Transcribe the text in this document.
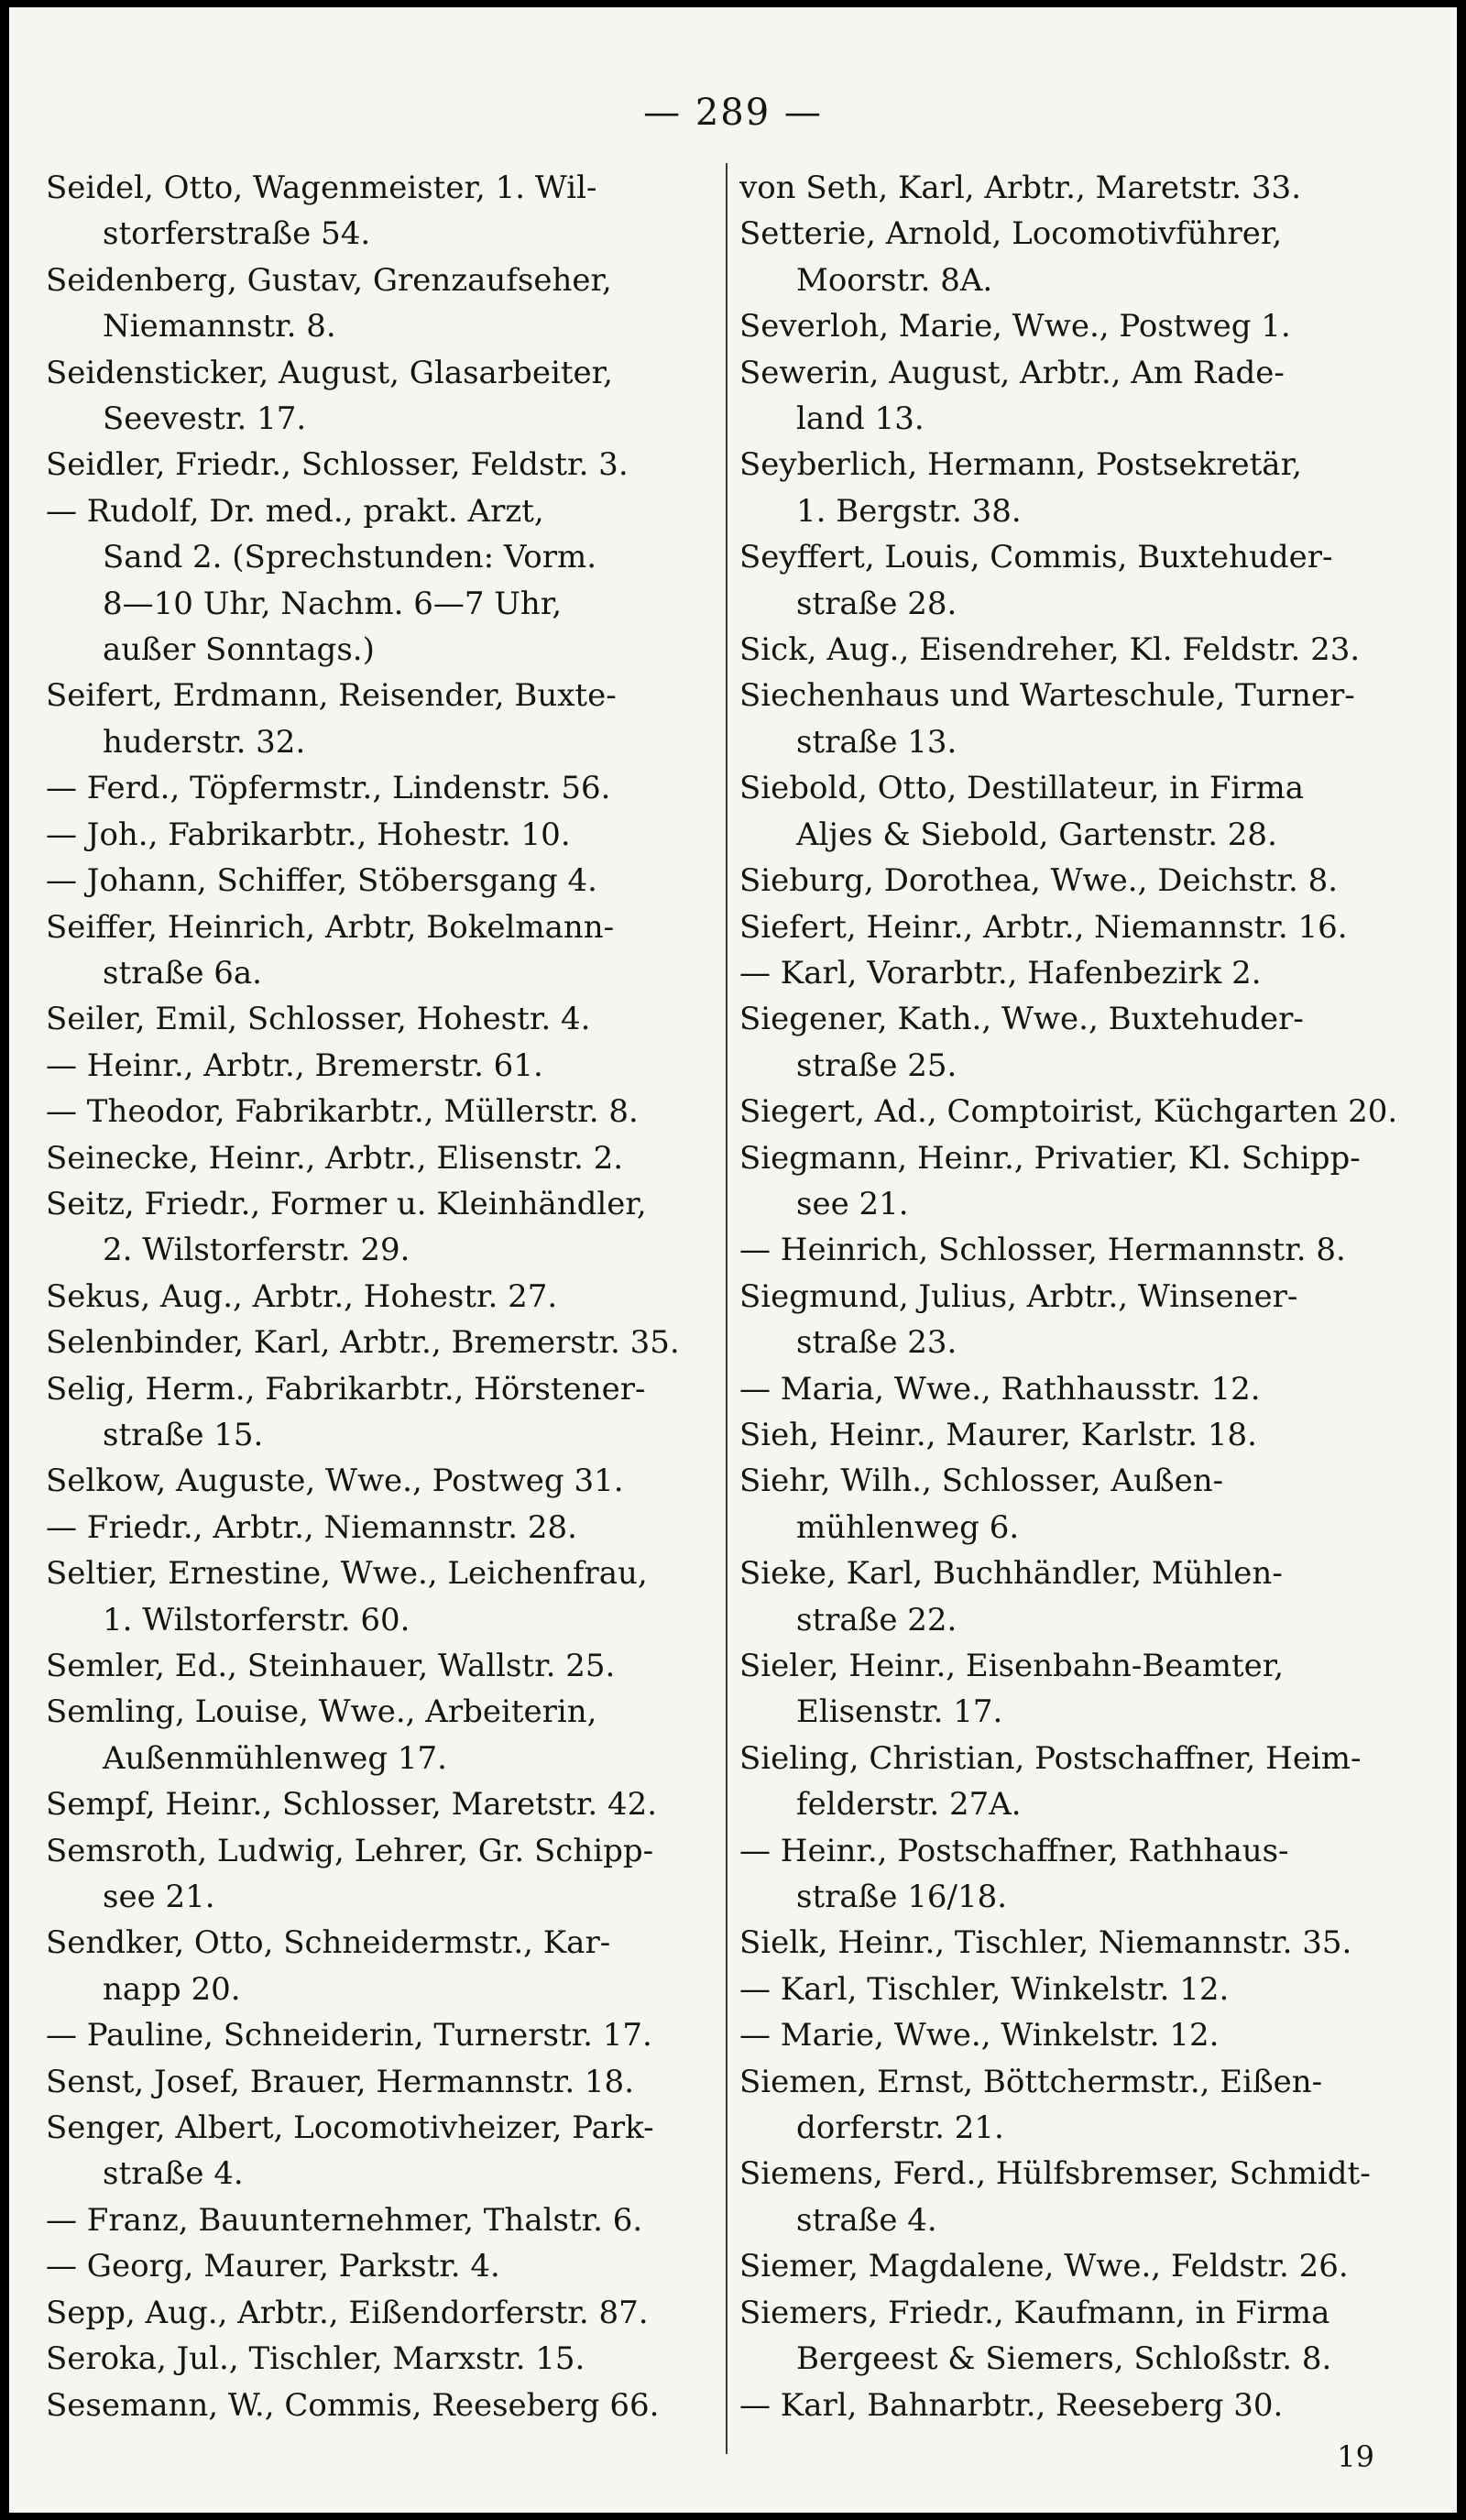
— 289 —
Seidel, Otto, Wagenmeister, 1. Wil-
storferstraße 54.
Seidenberg, Gustav, Grenzaufseher,
Niemannstr. 8.
Seidensticker, August, Glasarbeiter,
Seevestr. 17.
Seidler, Friedr., Schlosser, Feldstr. 3.
— Rudolf, Dr. med., prakt. Arzt,
Sand 2. (Sprechstunden: Vorm.
8—10 Uhr, Nachm. 6—7 Uhr,
außer Sonntags.)
Seifert, Erdmann, Reisender, Buxte-
huderstr. 32.
— Ferd., Töpfermstr., Lindenstr. 56.
— Joh., Fabrikarbtr., Hohestr. 10.
— Johann, Schiffer, Stöbersgang 4.
Seiffer, Heinrich, Arbtr, Bokelmann-
straße 6a.
Seiler, Emil, Schlosser, Hohestr. 4.
— Heinr., Arbtr., Bremerstr. 61.
— Theodor, Fabrikarbtr., Müllerstr. 8.
Seinecke, Heinr., Arbtr., Elisenstr. 2.
Seitz, Friedr., Former u. Kleinhändler,
2. Wilstorferstr. 29.
Sekus, Aug., Arbtr., Hohestr. 27.
Selenbinder, Karl, Arbtr., Bremerstr. 35.
Selig, Herm., Fabrikarbtr., Hörstener-
straße 15.
Selkow, Auguste, Wwe., Postweg 31.
— Friedr., Arbtr., Niemannstr. 28.
Seltier, Ernestine, Wwe., Leichenfrau,
1. Wilstorferstr. 60.
Semler, Ed., Steinhauer, Wallstr. 25.
Semling, Louise, Wwe., Arbeiterin,
Außenmühlenweg 17.
Sempf, Heinr., Schlosser, Maretstr. 42.
Semsroth, Ludwig, Lehrer, Gr. Schipp-
see 21.
Sendker, Otto, Schneidermstr., Kar-
napp 20.
— Pauline, Schneiderin, Turnerstr. 17.
Senst, Josef, Brauer, Hermannstr. 18.
Senger, Albert, Locomotivheizer, Park-
straße 4.
— Franz, Bauunternehmer, Thalstr. 6.
— Georg, Maurer, Parkstr. 4.
Sepp, Aug., Arbtr., Eißendorferstr. 87.
Seroka, Jul., Tischler, Marxstr. 15.
Sesemann, W., Commis, Reeseberg 66.
von Seth, Karl, Arbtr., Maretstr. 33.
Setterie, Arnold, Locomotivführer,
Moorstr. 8A.
Severloh, Marie, Wwe., Postweg 1.
Sewerin, August, Arbtr., Am Rade-
land 13.
Seyberlich, Hermann, Postsekretär,
1. Bergstr. 38.
Seyffert, Louis, Commis, Buxtehuder-
straße 28.
Sick, Aug., Eisendreher, Kl. Feldstr. 23.
Siechenhaus und Warteschule, Turner-
straße 13.
Siebold, Otto, Destillateur, in Firma
Aljes & Siebold, Gartenstr. 28.
Sieburg, Dorothea, Wwe., Deichstr. 8.
Siefert, Heinr., Arbtr., Niemannstr. 16.
— Karl, Vorarbtr., Hafenbezirk 2.
Siegener, Kath., Wwe., Buxtehuder-
straße 25.
Siegert, Ad., Comptoirist, Küchgarten 20.
Siegmann, Heinr., Privatier, Kl. Schipp-
see 21.
— Heinrich, Schlosser, Hermannstr. 8.
Siegmund, Julius, Arbtr., Winsener-
straße 23.
— Maria, Wwe., Rathhausstr. 12.
Sieh, Heinr., Maurer, Karlstr. 18.
Siehr, Wilh., Schlosser, Außen-
mühlenweg 6.
Sieke, Karl, Buchhändler, Mühlen-
straße 22.
Sieler, Heinr., Eisenbahn-Beamter,
Elisenstr. 17.
Sieling, Christian, Postschaffner, Heim-
felderstr. 27A.
— Heinr., Postschaffner, Rathhaus-
straße 16/18.
Sielk, Heinr., Tischler, Niemannstr. 35.
— Karl, Tischler, Winkelstr. 12.
— Marie, Wwe., Winkelstr. 12.
Siemen, Ernst, Böttchermstr., Eißen-
dorferstr. 21.
Siemens, Ferd., Hülfsbremser, Schmidt-
straße 4.
Siemer, Magdalene, Wwe., Feldstr. 26.
Siemers, Friedr., Kaufmann, in Firma
Bergeest & Siemers, Schloßstr. 8.
— Karl, Bahnarbtr., Reeseberg 30.
19
